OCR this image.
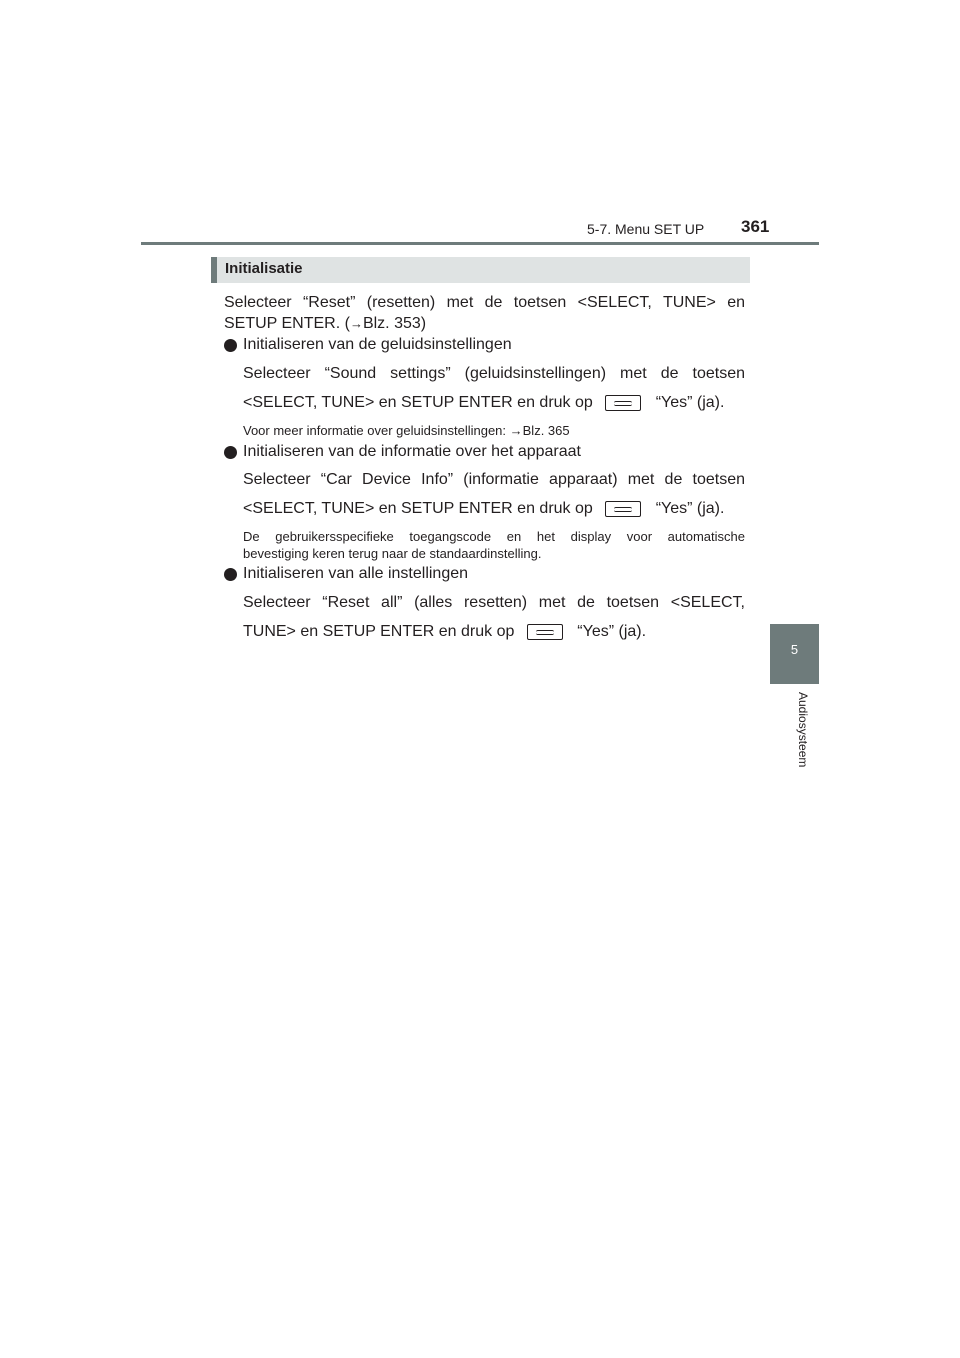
5-7. Menu SET UP 361
5
Audiosysteem
Initialisatie
Selecteer “Reset” (resetten) met de toetsen <SELECT, TUNE> en
SETUP ENTER. (→Blz. 353)
Initialiseren van de geluidsinstellingen
Selecteer “Sound settings” (geluidsinstellingen) met de toetsen
<SELECT, TUNE> en SETUP ENTER en druk op	“Yes” (ja).
Voor meer informatie over geluidsinstellingen: →Blz. 365
Initialiseren van de informatie over het apparaat
Selecteer “Car Device Info” (informatie apparaat) met de toetsen
<SELECT, TUNE> en SETUP ENTER en druk op	“Yes” (ja).
De gebruikersspecifieke toegangscode en het display voor automatische
bevestiging keren terug naar de standaardinstelling.
Initialiseren van alle instellingen
Selecteer “Reset all” (alles resetten) met de toetsen <SELECT,
TUNE> en SETUP ENTER en druk op	“Yes” (ja).
